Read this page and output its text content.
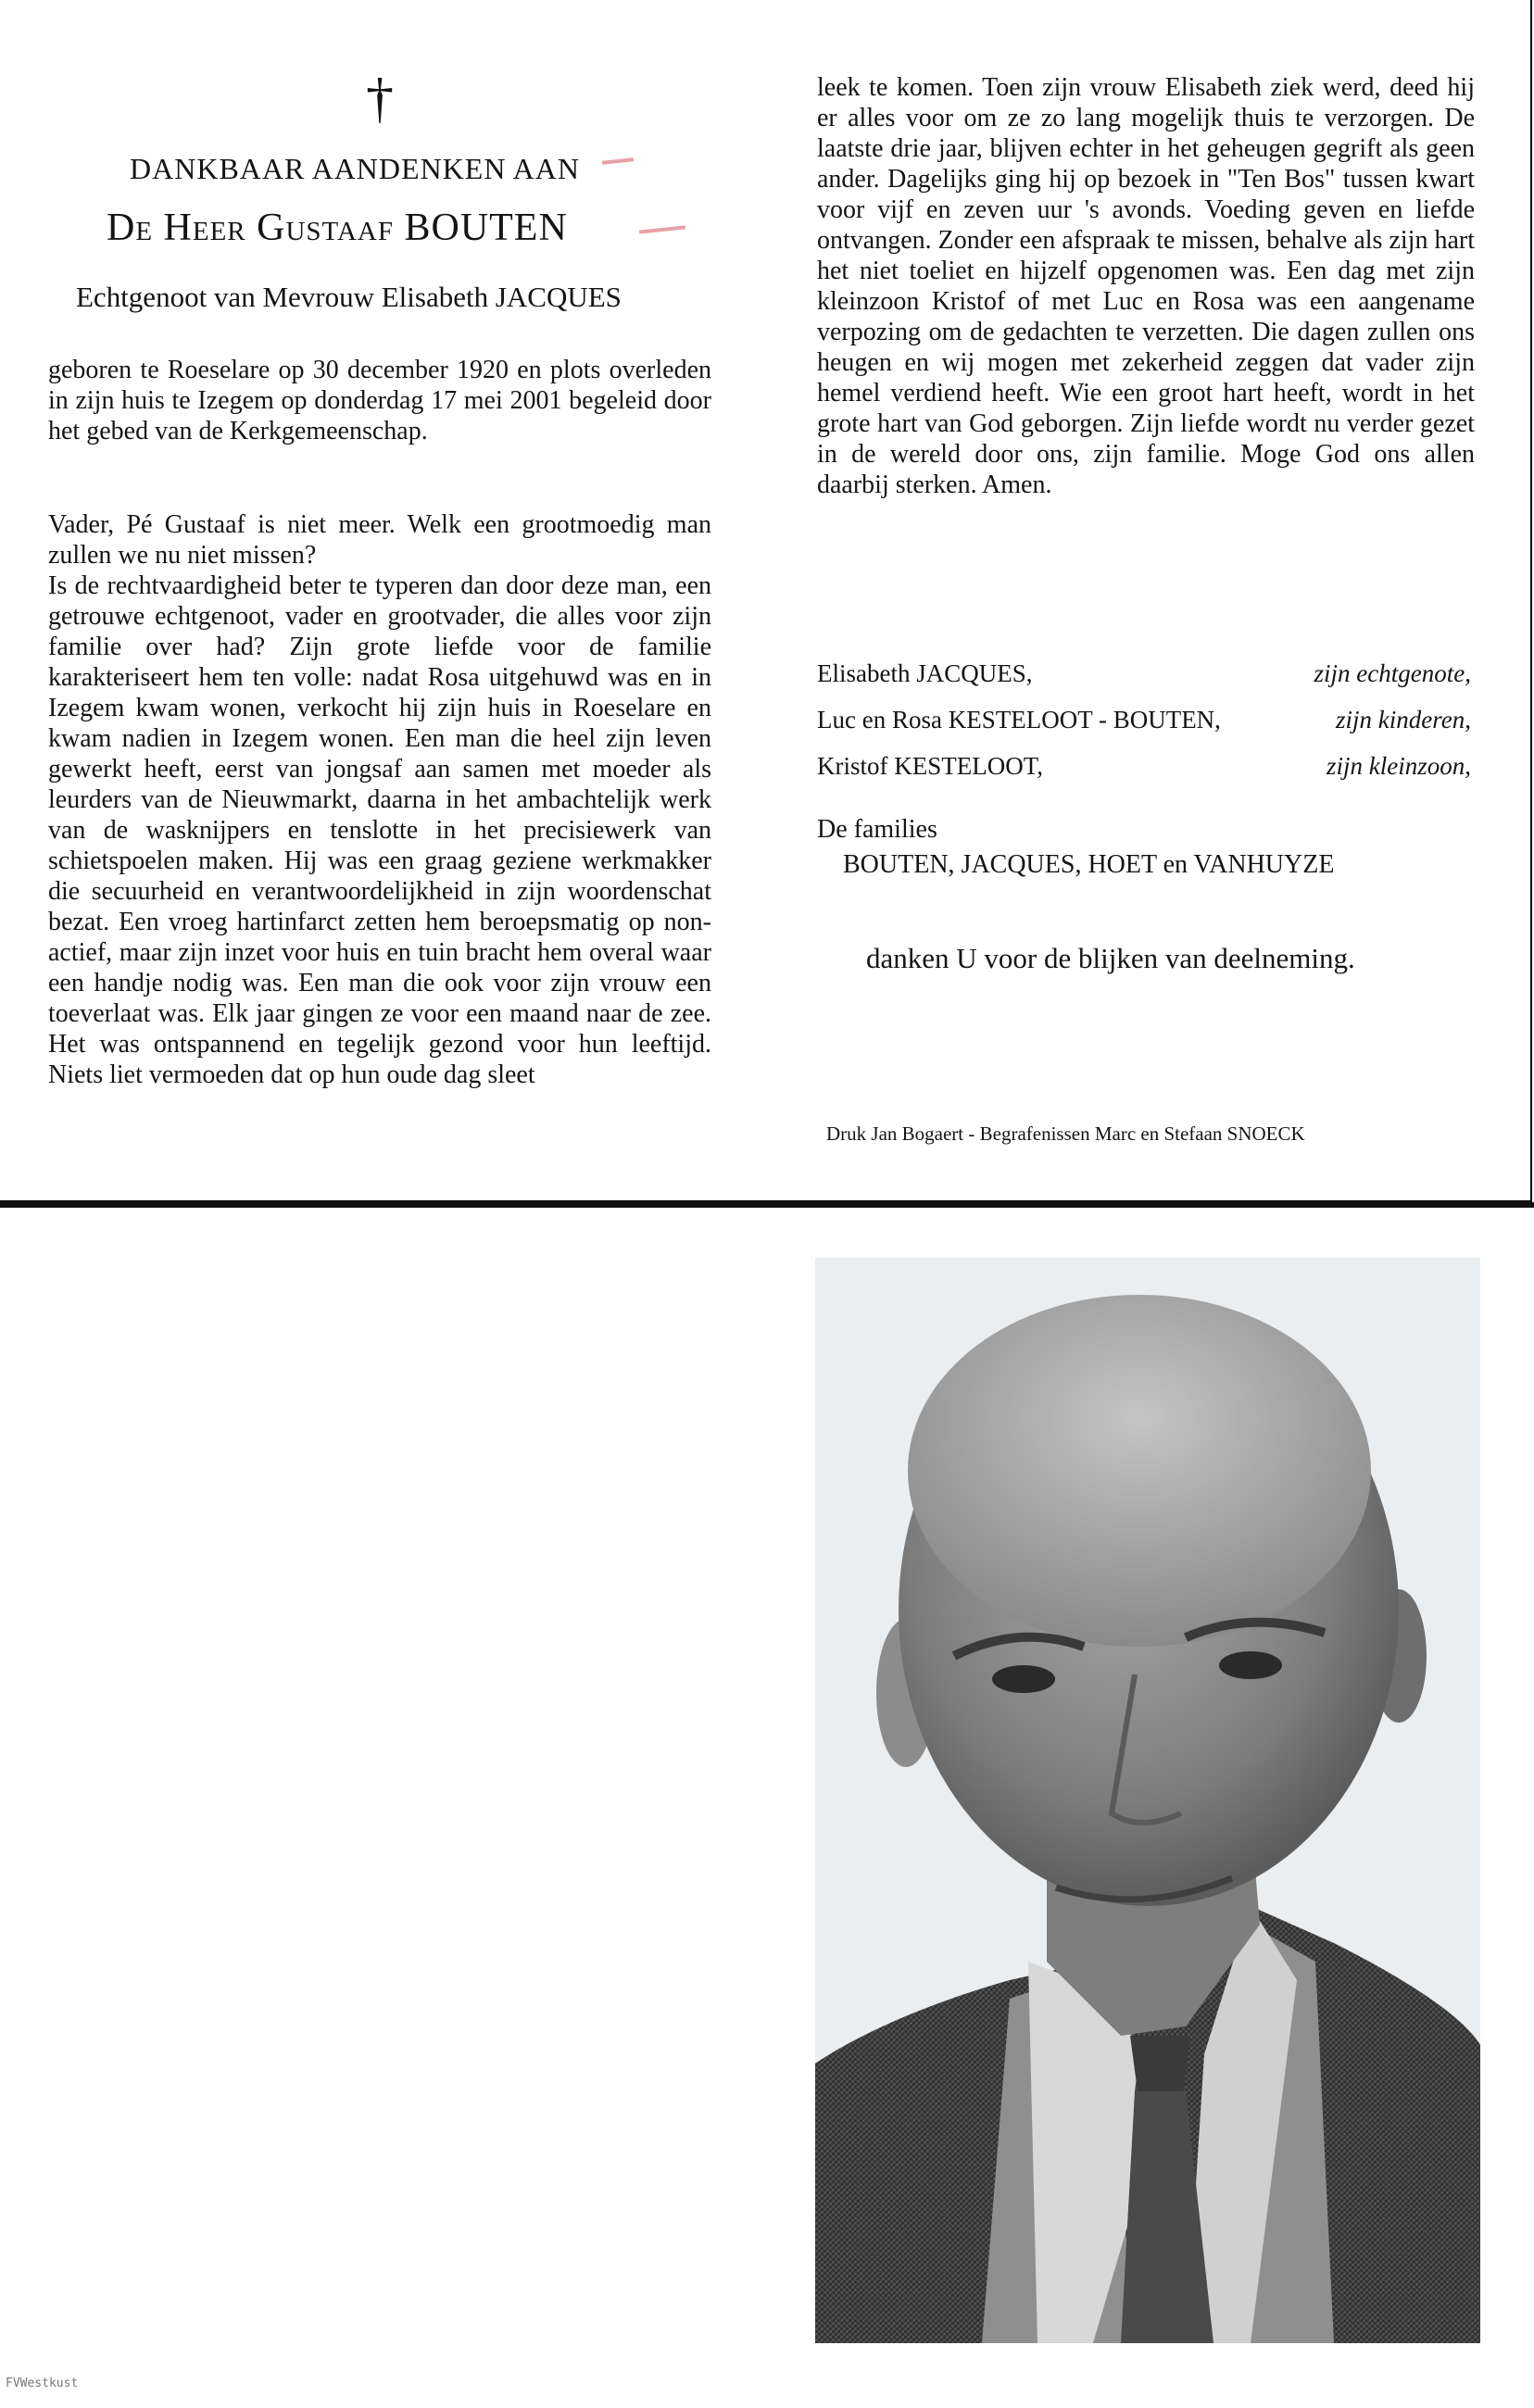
†
DANKBAAR AANDENKEN AAN
De Heer Gustaaf BOUTEN
Echtgenoot van Mevrouw Elisabeth JACQUES
geboren te Roeselare op 30 december 1920 en plots overleden in zijn huis te Izegem op donderdag 17 mei 2001 begeleid door het gebed van de Kerkgemeenschap.
Vader, Pé Gustaaf is niet meer. Welk een grootmoedig man zullen we nu niet missen?
Is de rechtvaardigheid beter te typeren dan door deze man, een getrouwe echtgenoot, vader en grootvader, die alles voor zijn familie over had? Zijn grote liefde voor de familie karakteriseert hem ten volle: nadat Rosa uitgehuwd was en in Izegem kwam wonen, verkocht hij zijn huis in Roeselare en kwam nadien in Izegem wonen. Een man die heel zijn leven gewerkt heeft, eerst van jongsaf aan samen met moeder als leurders van de Nieuwmarkt, daarna in het ambachtelijk werk van de wasknijpers en tenslotte in het precisiewerk van schietspoelen maken. Hij was een graag geziene werkmakker die secuurheid en verantwoordelijkheid in zijn woordenschat bezat. Een vroeg hartinfarct zetten hem beroepsmatig op non-actief, maar zijn inzet voor huis en tuin bracht hem overal waar een handje nodig was. Een man die ook voor zijn vrouw een toeverlaat was. Elk jaar gingen ze voor een maand naar de zee. Het was ontspannend en tegelijk gezond voor hun leeftijd. Niets liet vermoeden dat op hun oude dag sleet
leek te komen. Toen zijn vrouw Elisabeth ziek werd, deed hij er alles voor om ze zo lang mogelijk thuis te verzorgen. De laatste drie jaar, blijven echter in het geheugen gegrift als geen ander. Dagelijks ging hij op bezoek in "Ten Bos" tussen kwart voor vijf en zeven uur 's avonds. Voeding geven en liefde ontvangen. Zonder een afspraak te missen, behalve als zijn hart het niet toeliet en hijzelf opgenomen was. Een dag met zijn kleinzoon Kristof of met Luc en Rosa was een aangename verpozing om de gedachten te verzetten. Die dagen zullen ons heugen en wij mogen met zekerheid zeggen dat vader zijn hemel verdiend heeft. Wie een groot hart heeft, wordt in het grote hart van God geborgen. Zijn liefde wordt nu verder gezet in de wereld door ons, zijn familie. Moge God ons allen daarbij sterken. Amen.
Elisabeth JACQUES,	zijn echtgenote,
Luc en Rosa KESTELOOT - BOUTEN,	zijn kinderen,
Kristof KESTELOOT,	zijn kleinzoon,
De families
BOUTEN, JACQUES, HOET en VANHUYZE
danken U voor de blijken van deelneming.
Druk Jan Bogaert - Begrafenissen Marc en Stefaan SNOECK
FVWestkust
